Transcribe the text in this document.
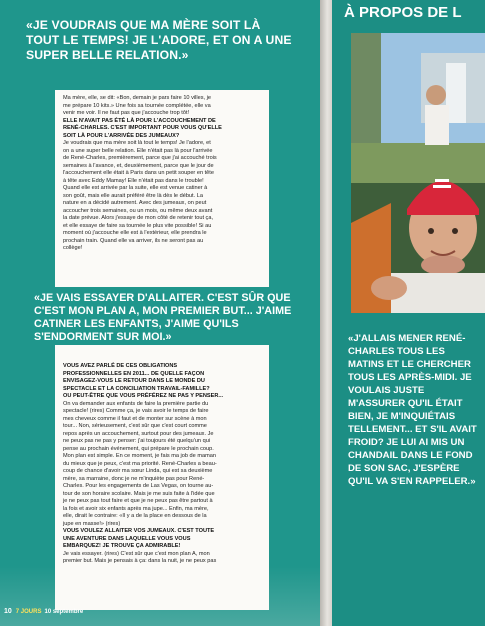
«JE VOUDRAIS QUE MA MÈRE SOIT LÀ TOUT LE TEMPS! JE L'ADORE, ET ON A UNE SUPER BELLE RELATION.»
Ma mère, elle, se dit: «Bon, demain je pars faire 10 villes, je
me prépare 10 kits.» Une fois sa tournée complétée, elle va
venir me voir. Il ne faut pas que j'accouche trop tôt!
ELLE N'AVAIT PAS ÉTÉ LÀ POUR L'ACCOUCHEMENT DE
RENÉ-CHARLES. C'EST IMPORTANT POUR VOUS QU'ELLE
SOIT LÀ POUR L'ARRIVÉE DES JUMEAUX?
Je voudrais que ma mère soit là tout le temps! Je l'adore, et
on a une super belle relation. Elle n'était pas là pour l'arrivée
de René-Charles, premièrement, parce que j'ai accouché trois
semaines à l'avance, et, deuxièmement, parce que le jour de
l'accouchement elle était à Paris dans un petit souper en tête
à tête avec Eddy Mamay! Elle n'était pas dans le trouble!
Quand elle est arrivée par la suite, elle est venue catiner à
son goût, mais elle aurait préféré être là dès le début. La
nature en a décidé autrement. Avec des jumeaux, on peut
accoucher trois semaines, ou un mois, ou même deux avant
la date prévue. Alors j'essaye de mon côté de retenir tout ça,
et elle essaye de faire sa tournée le plus vite possible! Si au
moment où j'accouche elle est à l'extérieur, elle prendra le
prochain train. Quand elle va arriver, ils ne seront pas au
collège!
VOUS AVEZ PARLÉ DE CES OBLIGATIONS
PROFESSIONNELLES EN 2011... DE QUELLE FAÇON
ENVISAGEZ-VOUS LE RETOUR DANS LE MONDE DU
SPECTACLE ET LA CONCILIATION TRAVAIL-FAMILLE?
OU PEUT-ÊTRE QUE VOUS PRÉFÉREZ NE PAS Y PENSER...
On va demander aux enfants de faire la première partie du
spectacle! (rires) Comme ça, je vais avoir le temps de faire
mes cheveux comme il faut et de monter sur scène à mon
tour... Non, sérieusement, c'est sûr que c'est court comme
repos après un accouchement, surtout pour des jumeaux. Je
ne peux pas ne pas y penser: j'ai toujours été quelqu'un qui
pense au prochain événement, qui prépare le prochain coup.
Mon plan est simple. En ce moment, je fais ma job de maman
du mieux que je peux, c'est ma priorité. René-Charles a beau-
coup de chance d'avoir ma sœur Linda, qui est sa deuxième
mère, sa marraine, donc je ne m'inquiète pas pour René-
Charles. Pour les engagements de Las Vegas, on tourne au-
tour de son horaire scolaire. Mais je me suis faite à l'idée que
je ne peux pas tout faire et que je ne peux pas être partout à
la fois et avoir six enfants après ma jupe... Enfin, ma mère,
elle, dirait le contraire: «Il y a de la place en dessous de la
jupe en masse!» (rires)
VOUS VOULEZ ALLAITER VOS JUMEAUX. C'EST TOUTE
UNE AVENTURE DANS LAQUELLE VOUS VOUS
EMBARQUEZ! JE TROUVE ÇA ADMIRABLE!
Je vais essayer. (rires) C'est sûr que c'est mon plan A, mon
premier but. Mais je pensais à ça: dans la nuit, je ne peux pas
«JE VAIS ESSAYER D'ALLAITER. C'EST SÛR QUE C'EST MON PLAN A, MON PREMIER BUT... J'AIME CATINER LES ENFANTS, J'AIME QU'ILS S'ENDORMENT SUR MOI.»
10 7 JOURS 10 septembre
À PROPOS DE L
«J'ALLAIS MENER RENÉ-CHARLES TOUS LES MATINS ET LE CHERCHER TOUS LES APRÈS-MIDI. JE VOULAIS JUSTE M'ASSURER QU'IL ÉTAIT BIEN, JE M'INQUIÉTAIS TELLEMENT... ET S'IL AVAIT FROID? JE LUI AI MIS UN CHANDAIL DANS LE FOND DE SON SAC, J'ESPÈRE QU'IL VA S'EN RAPPELER.»
